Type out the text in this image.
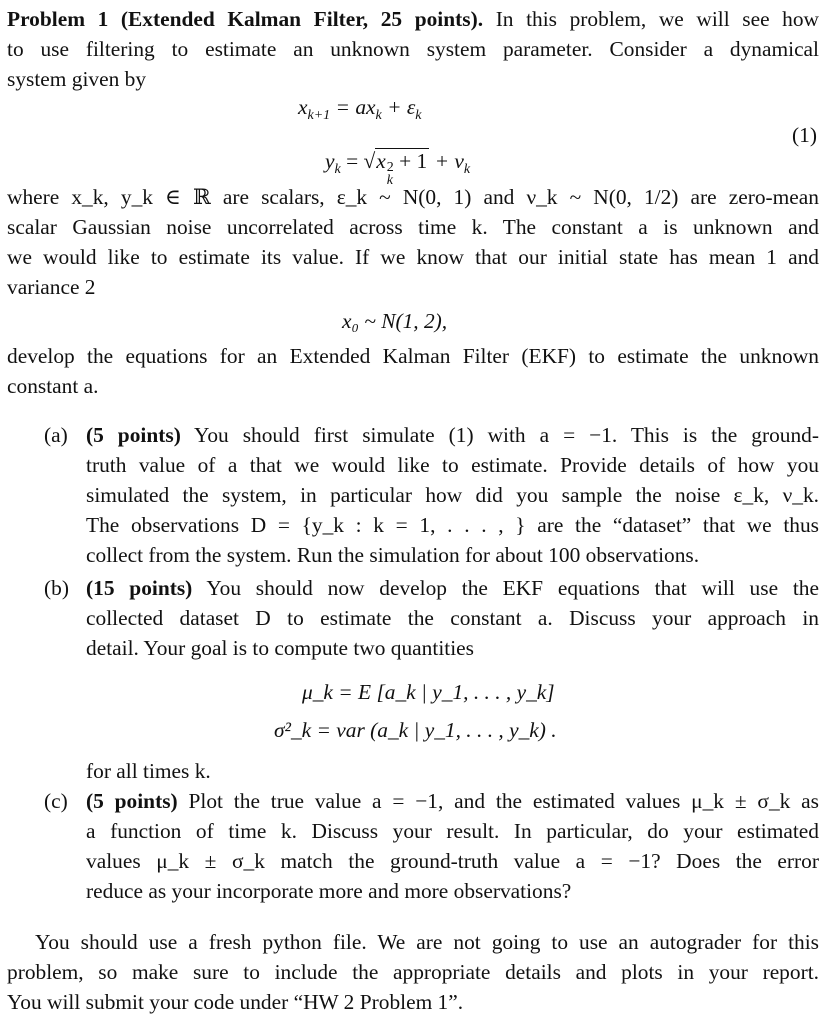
Problem 1 (Extended Kalman Filter, 25 points). In this problem, we will see how
to use filtering to estimate an unknown system parameter. Consider a dynamical
system given by
$x_{k+1} = ax_k + \varepsilon_k$
(1)
$y_k = √x$ 2
k
+ $1 + \nu_k$
where x_k, y_k ∈ ℝ are scalars, ε_k ~ N(0, 1) and ν_k ~ N(0, 1/2) are zero-mean
scalar Gaussian noise uncorrelated across time k. The constant a is unknown and
we would like to estimate its value. If we know that our initial state has mean 1 and
variance 2
x₀ ~ N(1, 2),
develop the equations for an Extended Kalman Filter (EKF) to estimate the unknown
constant a.
(a) (5 points) You should first simulate (1) with a = −1. This is the ground-
truth value of a that we would like to estimate. Provide details of how you
simulated the system, in particular how did you sample the noise ε_k, ν_k.
The observations D = {y_k : k = 1, . . . , } are the “dataset” that we thus
collect from the system. Run the simulation for about 100 observations.
(b) (15 points) You should now develop the EKF equations that will use the
collected dataset D to estimate the constant a. Discuss your approach in
detail. Your goal is to compute two quantities
μ_k = E [a_k | y_1, . . . , y_k]
σ²_k = var (a_k | y_1, . . . , y_k) .
for all times k.
(c) (5 points) Plot the true value a = −1, and the estimated values μ_k ± σ_k as
a function of time k. Discuss your result. In particular, do your estimated
values μ_k ± σ_k match the ground-truth value a = −1? Does the error
reduce as your incorporate more and more observations?
You should use a fresh python file. We are not going to use an autograder for this
problem, so make sure to include the appropriate details and plots in your report.
You will submit your code under “HW 2 Problem 1”.
